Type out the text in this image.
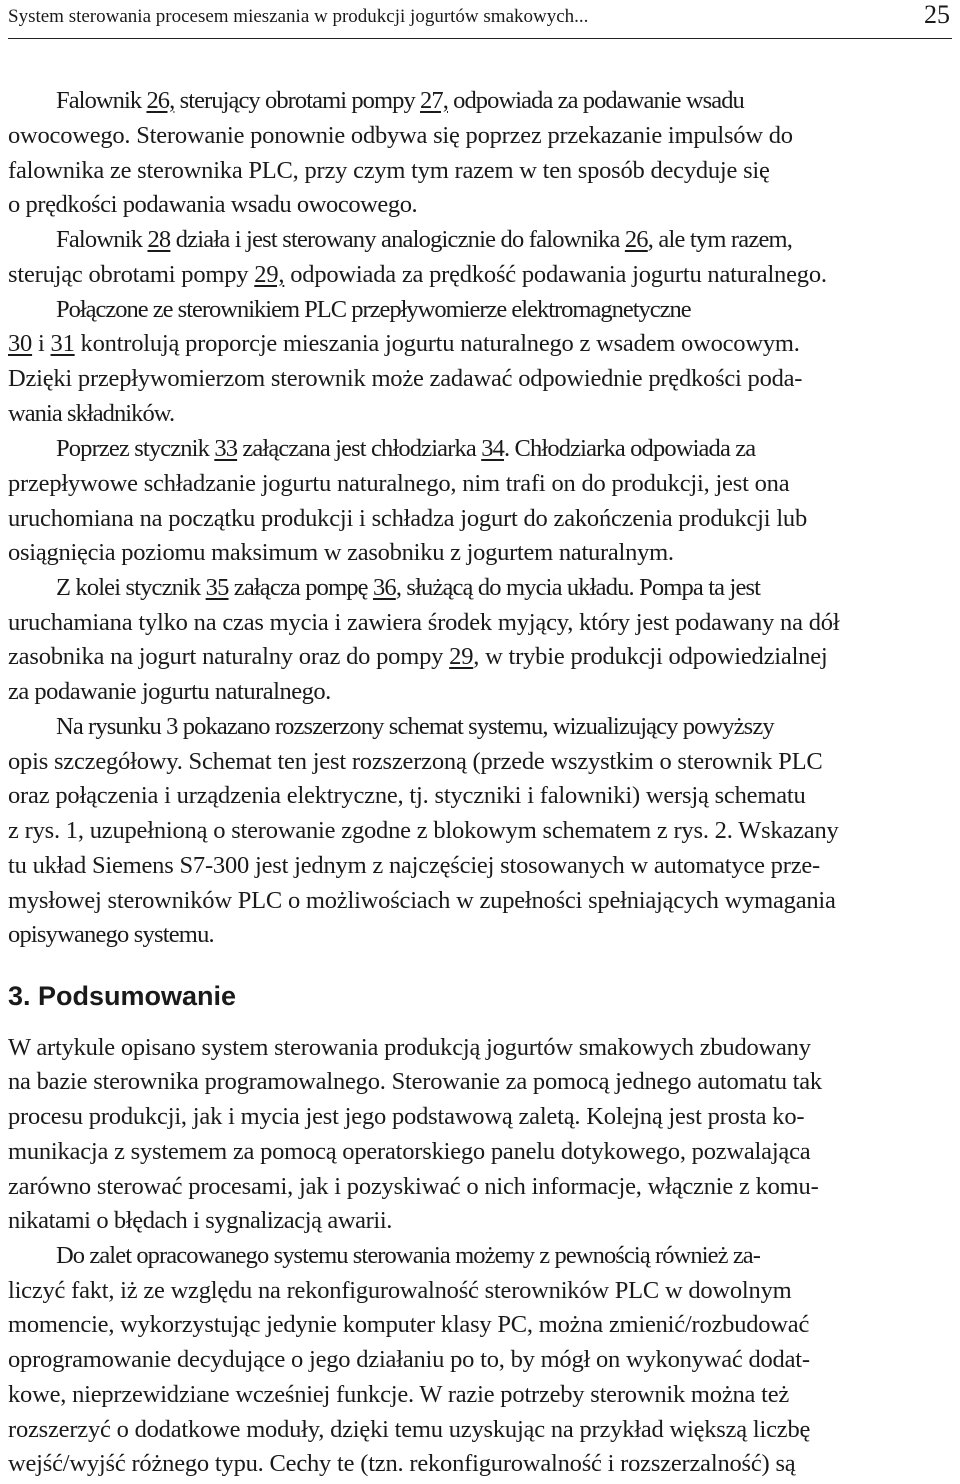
System sterowania procesem mieszania w produkcji jogurtów smakowych...	25
Falownik 26, sterujący obrotami pompy 27, odpowiada za podawanie wsadu
owocowego. Sterowanie ponownie odbywa się poprzez przekazanie impulsów do
falownika ze sterownika PLC, przy czym tym razem w ten sposób decyduje się
o prędkości podawania wsadu owocowego.
Falownik 28 działa i jest sterowany analogicznie do falownika 26, ale tym razem,
sterując obrotami pompy 29, odpowiada za prędkość podawania jogurtu naturalnego.
Połączone ze sterownikiem PLC przepływomierze elektromagnetyczne
30 i 31 kontrolują proporcje mieszania jogurtu naturalnego z wsadem owocowym.
Dzięki przepływomierzom sterownik może zadawać odpowiednie prędkości poda-
wania składników.
Poprzez stycznik 33 załączana jest chłodziarka 34. Chłodziarka odpowiada za
przepływowe schładzanie jogurtu naturalnego, nim trafi on do produkcji, jest ona
uruchomiana na początku produkcji i schładza jogurt do zakończenia produkcji lub
osiągnięcia poziomu maksimum w zasobniku z jogurtem naturalnym.
Z kolei stycznik 35 załącza pompę 36, służącą do mycia układu. Pompa ta jest
uruchamiana tylko na czas mycia i zawiera środek myjący, który jest podawany na dół
zasobnika na jogurt naturalny oraz do pompy 29, w trybie produkcji odpowiedzialnej
za podawanie jogurtu naturalnego.
Na rysunku 3 pokazano rozszerzony schemat systemu, wizualizujący powyższy
opis szczegółowy. Schemat ten jest rozszerzoną (przede wszystkim o sterownik PLC
oraz połączenia i urządzenia elektryczne, tj. styczniki i falowniki) wersją schematu
z rys. 1, uzupełnioną o sterowanie zgodne z blokowym schematem z rys. 2. Wskazany
tu układ Siemens S7-300 jest jednym z najczęściej stosowanych w automatyce prze-
mysłowej sterowników PLC o możliwościach w zupełności spełniających wymagania
opisywanego systemu.
W artykule opisano system sterowania produkcją jogurtów smakowych zbudowany
na bazie sterownika programowalnego. Sterowanie za pomocą jednego automatu tak
procesu produkcji, jak i mycia jest jego podstawową zaletą. Kolejną jest prosta ko-
munikacja z systemem za pomocą operatorskiego panelu dotykowego, pozwalająca
zarówno sterować procesami, jak i pozyskiwać o nich informacje, włącznie z komu-
nikatami o błędach i sygnalizacją awarii.
Do zalet opracowanego systemu sterowania możemy z pewnością również za-
liczyć fakt, iż ze względu na rekonfigurowalność sterowników PLC w dowolnym
momencie, wykorzystując jedynie komputer klasy PC, można zmienić/rozbudować
oprogramowanie decydujące o jego działaniu po to, by mógł on wykonywać dodat-
kowe, nieprzewidziane wcześniej funkcje. W razie potrzeby sterownik można też
rozszerzyć o dodatkowe moduły, dzięki temu uzyskując na przykład większą liczbę
wejść/wyjść różnego typu. Cechy te (tzn. rekonfigurowalność i rozszerzalność) są
3. Podsumowanie
